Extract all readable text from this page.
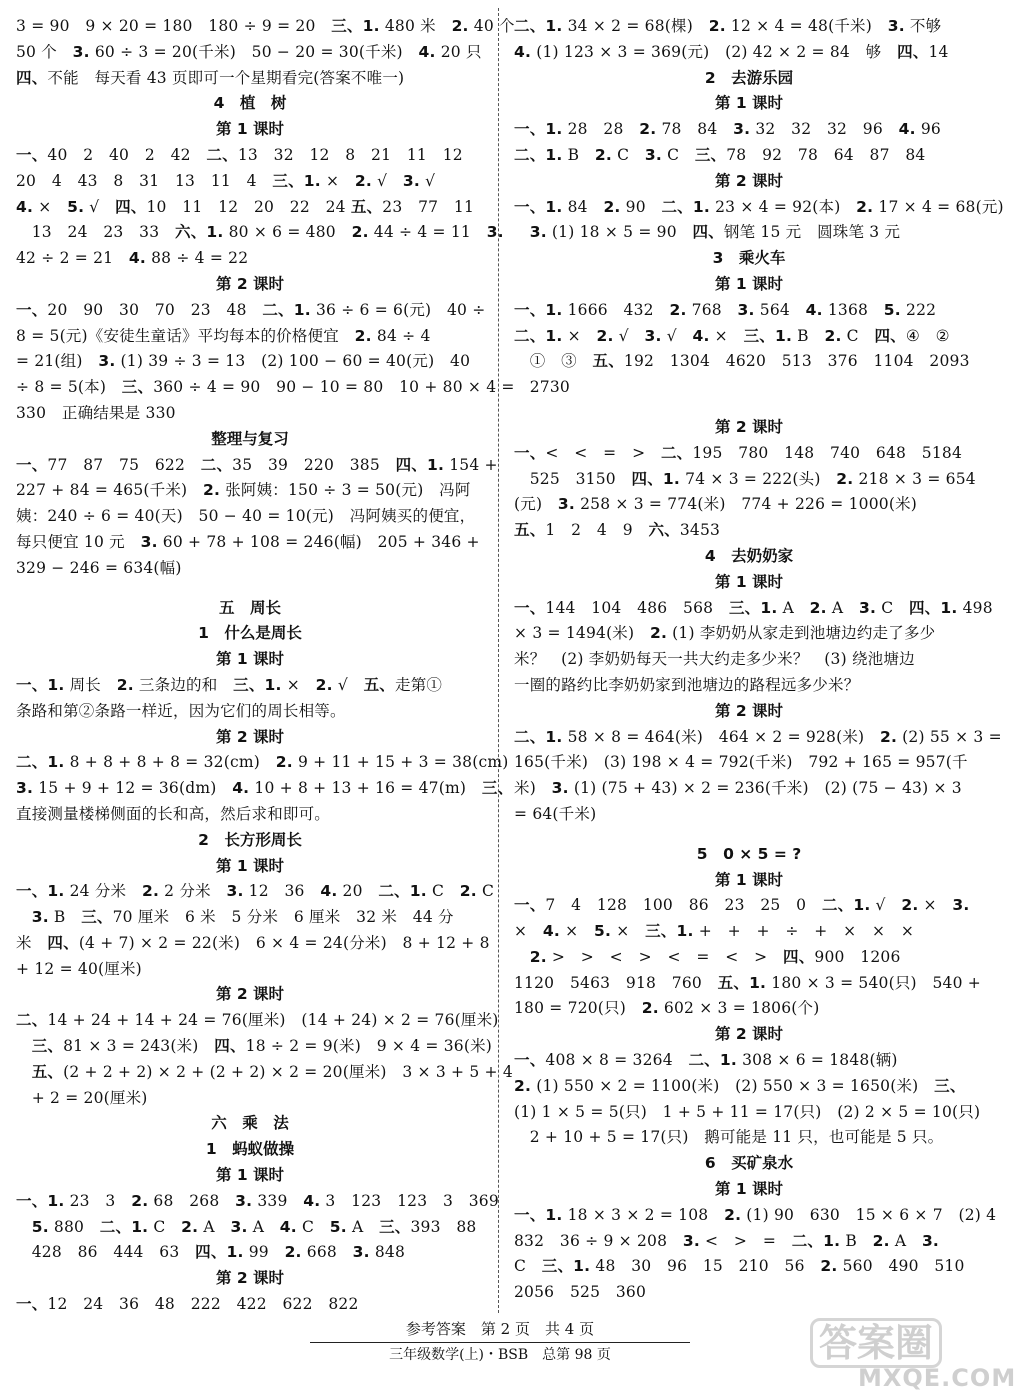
3 = 90　9 × 20 = 180　180 ÷ 9 = 20　三、1. 480 米　2. 40 个
50 个　3. 60 ÷ 3 = 20(千米)　50 − 20 = 30(千米)　4. 20 只
四、不能　每天看 43 页即可一个星期看完(答案不唯一)
4　植　树
第 1 课时
一、40　2　40　2　42　二、13　32　12　8　21　11　12
20　4　43　8　31　13　11　4　三、1. ×　2. √　3. √
4. ×　5. √　四、10　11　12　20　22　24 五、23　77　11
　13　24　23　33　六、1. 80 × 6 = 480　2. 44 ÷ 4 = 11　3.
42 ÷ 2 = 21　4. 88 ÷ 4 = 22
第 2 课时
一、20　90　30　70　23　48　二、1. 36 ÷ 6 = 6(元)　40 ÷
8 = 5(元)《安徒生童话》平均每本的价格便宜　2. 84 ÷ 4
= 21(组)　3. (1) 39 ÷ 3 = 13　(2) 100 − 60 = 40(元)　40
÷ 8 = 5(本)　三、360 ÷ 4 = 90　90 − 10 = 80　10 + 80 × 4 =
330　正确结果是 330
整理与复习
一、77　87　75　622　二、35　39　220　385　四、1. 154 +
227 + 84 = 465(千米)　2. 张阿姨：150 ÷ 3 = 50(元)　冯阿
姨：240 ÷ 6 = 40(天)　50 − 40 = 10(元)　冯阿姨买的便宜，
每只便宜 10 元　3. 60 + 78 + 108 = 246(幅)　205 + 346 +
329 − 246 = 634(幅)
五　周长
1　什么是周长
第 1 课时
一、1. 周长　2. 三条边的和　三、1. ×　2. √　五、走第①
条路和第②条路一样近，因为它们的周长相等。
第 2 课时
二、1. 8 + 8 + 8 + 8 = 32(cm)　2. 9 + 11 + 15 + 3 = 38(cm)
3. 15 + 9 + 12 = 36(dm)　4. 10 + 8 + 13 + 16 = 47(m)　三、
直接测量楼梯侧面的长和高，然后求和即可。
2　长方形周长
第 1 课时
一、1. 24 分米　2. 2 分米　3. 12　36　4. 20　二、1. C　2. C
　3. B　三、70 厘米　6 米　5 分米　6 厘米　32 米　44 分
米　四、(4 + 7) × 2 = 22(米)　6 × 4 = 24(分米)　8 + 12 + 8
+ 12 = 40(厘米)
第 2 课时
二、14 + 24 + 14 + 24 = 76(厘米)　(14 + 24) × 2 = 76(厘米)
　三、81 × 3 = 243(米)　四、18 ÷ 2 = 9(米)　9 × 4 = 36(米)
　五、(2 + 2 + 2) × 2 + (2 + 2) × 2 = 20(厘米)　3 × 3 + 5 + 4
　+ 2 = 20(厘米)
六　乘　法
1　蚂蚁做操
第 1 课时
一、1. 23　3　2. 68　268　3. 339　4. 3　123　123　3　369
　5. 880　二、1. C　2. A　3. A　4. C　5. A　三、393　88
　428　86　444　63　四、1. 99　2. 668　3. 848
第 2 课时
一、12　24　36　48　222　422　622　822
二、1. 34 × 2 = 68(棵)　2. 12 × 4 = 48(千米)　3. 不够
4. (1) 123 × 3 = 369(元)　(2) 42 × 2 = 84　够　四、14
2　去游乐园
第 1 课时
一、1. 28　28　2. 78　84　3. 32　32　32　96　4. 96
二、1. B　2. C　3. C　三、78　92　78　64　87　84
第 2 课时
一、1. 84　2. 90　二、1. 23 × 4 = 92(本)　2. 17 × 4 = 68(元)
　3. (1) 18 × 5 = 90　四、钢笔 15 元　圆珠笔 3 元
3　乘火车
第 1 课时
一、1. 1666　432　2. 768　3. 564　4. 1368　5. 222
二、1. ×　2. √　3. √　4. ×　三、1. B　2. C　四、④　②
　①　③　五、192　1304　4620　513　376　1104　2093
　2730
第 2 课时
一、<　<　=　>　二、195　780　148　740　648　5184
　525　3150　四、1. 74 × 3 = 222(头)　2. 218 × 3 = 654
(元)　3. 258 × 3 = 774(米)　774 + 226 = 1000(米)
五、1　2　4　9　六、3453
4　去奶奶家
第 1 课时
一、144　104　486　568　三、1. A　2. A　3. C　四、1. 498
× 3 = 1494(米)　2. (1) 李奶奶从家走到池塘边约走了多少
米？　(2) 李奶奶每天一共大约走多少米？　(3) 绕池塘边
一圈的路约比李奶奶家到池塘边的路程远多少米？
第 2 课时
二、1. 58 × 8 = 464(米)　464 × 2 = 928(米)　2. (2) 55 × 3 =
165(千米)　(3) 198 × 4 = 792(千米)　792 + 165 = 957(千
米)　3. (1) (75 + 43) × 2 = 236(千米)　(2) (75 − 43) × 3
= 64(千米)
5　0 × 5 = ?
第 1 课时
一、7　4　128　100　86　23　25　0　二、1. √　2. ×　3.
×　4. ×　5. ×　三、1. +　+　+　÷　+　×　×　×
　2. >　>　<　>　<　=　<　>　四、900　1206
1120　5463　918　760　五、1. 180 × 3 = 540(只)　540 +
180 = 720(只)　2. 602 × 3 = 1806(个)
第 2 课时
一、408 × 8 = 3264　二、1. 308 × 6 = 1848(辆)
2. (1) 550 × 2 = 1100(米)　(2) 550 × 3 = 1650(米)　三、
(1) 1 × 5 = 5(只)　1 + 5 + 11 = 17(只)　(2) 2 × 5 = 10(只)
　2 + 10 + 5 = 17(只)　鹅可能是 11 只，也可能是 5 只。
6　买矿泉水
第 1 课时
一、1. 18 × 3 × 2 = 108　2. (1) 90　630　15 × 6 × 7　(2) 4
832　36 ÷ 9 × 208　3. <　>　=　二、1. B　2. A　3.
C　三、1. 48　30　96　15　210　56　2. 560　490　510
2056　525　360
参考答案　第 2 页　共 4 页
三年级数学(上)・BSB　总第 98 页	答案圈
MXQE.COM
